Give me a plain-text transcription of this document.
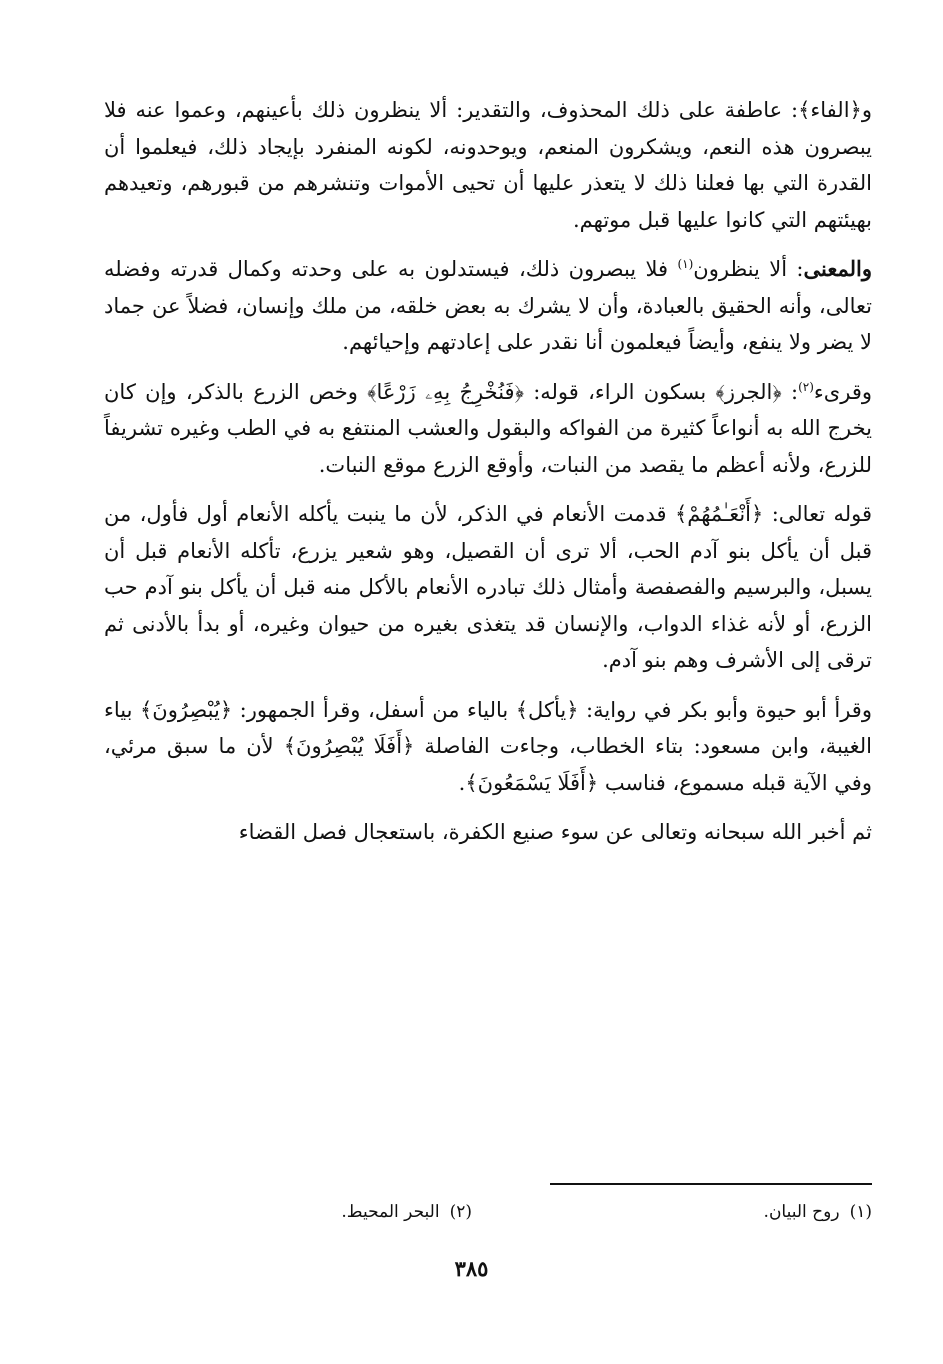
و﴿الفاء﴾: عاطفة على ذلك المحذوف، والتقدير: ألا ينظرون ذلك بأعينهم، وعموا عنه فلا يبصرون هذه النعم، ويشكرون المنعم، ويوحدونه، لكونه المنفرد بإيجاد ذلك، فيعلموا أن القدرة التي بها فعلنا ذلك لا يتعذر عليها أن تحيى الأموات وتنشرهم من قبورهم، وتعيدهم بهيئتهم التي كانوا عليها قبل موتهم.

والمعنى: ألا ينظرون$^{(١)}$ فلا يبصرون ذلك، فيستدلون به على وحدته وكمال قدرته وفضله تعالى، وأنه الحقيق بالعبادة، وأن لا يشرك به بعض خلقه، من ملك وإنسان، فضلاً عن جماد لا يضر ولا ينفع، وأيضاً فيعلمون أنا نقدر على إعادتهم وإحيائهم.

وقرىء$^{(٢)}$: ﴿الجرز﴾ بسكون الراء، قوله: ﴿فَنُخْرِجُ بِهِۦ زَرْعًا﴾ وخص الزرع بالذكر، وإن كان يخرج الله به أنواعاً كثيرة من الفواكه والبقول والعشب المنتفع به في الطب وغيره تشريفاً للزرع، ولأنه أعظم ما يقصد من النبات، وأوقع الزرع موقع النبات.

قوله تعالى: ﴿أَنْعَـٰمُهُمْ﴾ قدمت الأنعام في الذكر، لأن ما ينبت يأكله الأنعام أول فأول، من قبل أن يأكل بنو آدم الحب، ألا ترى أن القصيل، وهو شعير يزرع، تأكله الأنعام قبل أن يسبل، والبرسيم والفصفصة وأمثال ذلك تبادره الأنعام بالأكل منه قبل أن يأكل بنو آدم حب الزرع، أو لأنه غذاء الدواب، والإنسان قد يتغذى بغيره من حيوان وغيره، أو بدأ بالأدنى ثم ترقى إلى الأشرف وهم بنو آدم.

وقرأ أبو حيوة وأبو بكر في رواية: ﴿يأكل﴾ بالياء من أسفل، وقرأ الجمهور: ﴿يُبْصِرُونَ﴾ بياء الغيبة، وابن مسعود: بتاء الخطاب، وجاءت الفاصلة ﴿أَفَلَا يُبْصِرُونَ﴾ لأن ما سبق مرئي، وفي الآية قبله مسموع، فناسب ﴿أَفَلَا يَسْمَعُونَ﴾.

ثم أخبر الله سبحانه وتعالى عن سوء صنيع الكفرة، باستعجال فصل القضاء

(١)روح البيان.
(٢)البحر المحيط.
٣٨٥
